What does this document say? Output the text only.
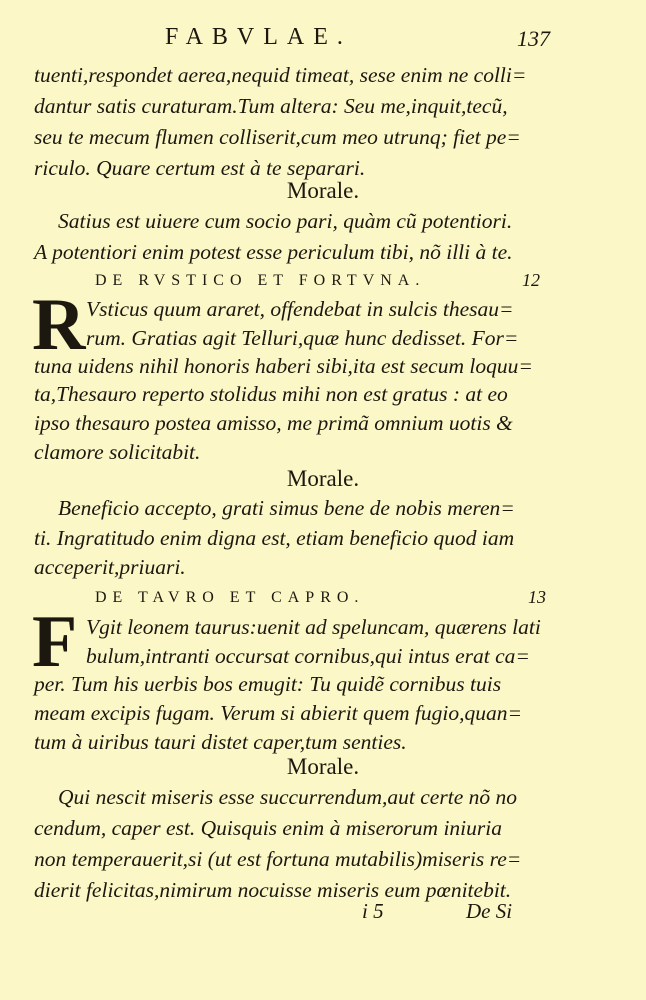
FABVLAE.	137
tuenti,respondet aerea,nequid timeat, sese enim ne colli=
dantur satis curaturam.Tum altera: Seu me,inquit,tecũ,
seu te mecum flumen colliserit,cum meo utrunq; fiet pe=
riculo. Quare certum est à te separari.
Morale.
Satius est uiuere cum socio pari, quàm cũ potentiori.
A potentiori enim potest esse periculum tibi, nõ illi à te.
DE RVSTICO ET FORTVNA.	12
R Vsticus quum araret, offendebat in sulcis thesau=
rum. Gratias agit Telluri,quæ hunc dedisset. For=
tuna uidens nihil honoris haberi sibi,ita est secum loquu=
ta,Thesauro reperto stolidus mihi non est gratus : at eo
ipso thesauro postea amisso, me primã omnium uotis &
clamore solicitabit.
Morale.
Beneficio accepto, grati simus bene de nobis meren=
ti. Ingratitudo enim digna est, etiam beneficio quod iam
acceperit,priuari.
DE TAVRO ET CAPRO.	13
F Vgit leonem taurus:uenit ad speluncam, quærens lati
bulum,intranti occursat cornibus,qui intus erat ca=
per. Tum his uerbis bos emugit: Tu quidẽ cornibus tuis
meam excipis fugam. Verum si abierit quem fugio,quan=
tum à uiribus tauri distet caper,tum senties.
Morale.
Qui nescit miseris esse succurrendum,aut certe nõ no
cendum, caper est. Quisquis enim à miserorum iniuria
non temperauerit,si (ut est fortuna mutabilis)miseris re=
dierit felicitas,nimirum nocuisse miseris eum pœnitebit.
i 5	De Si
